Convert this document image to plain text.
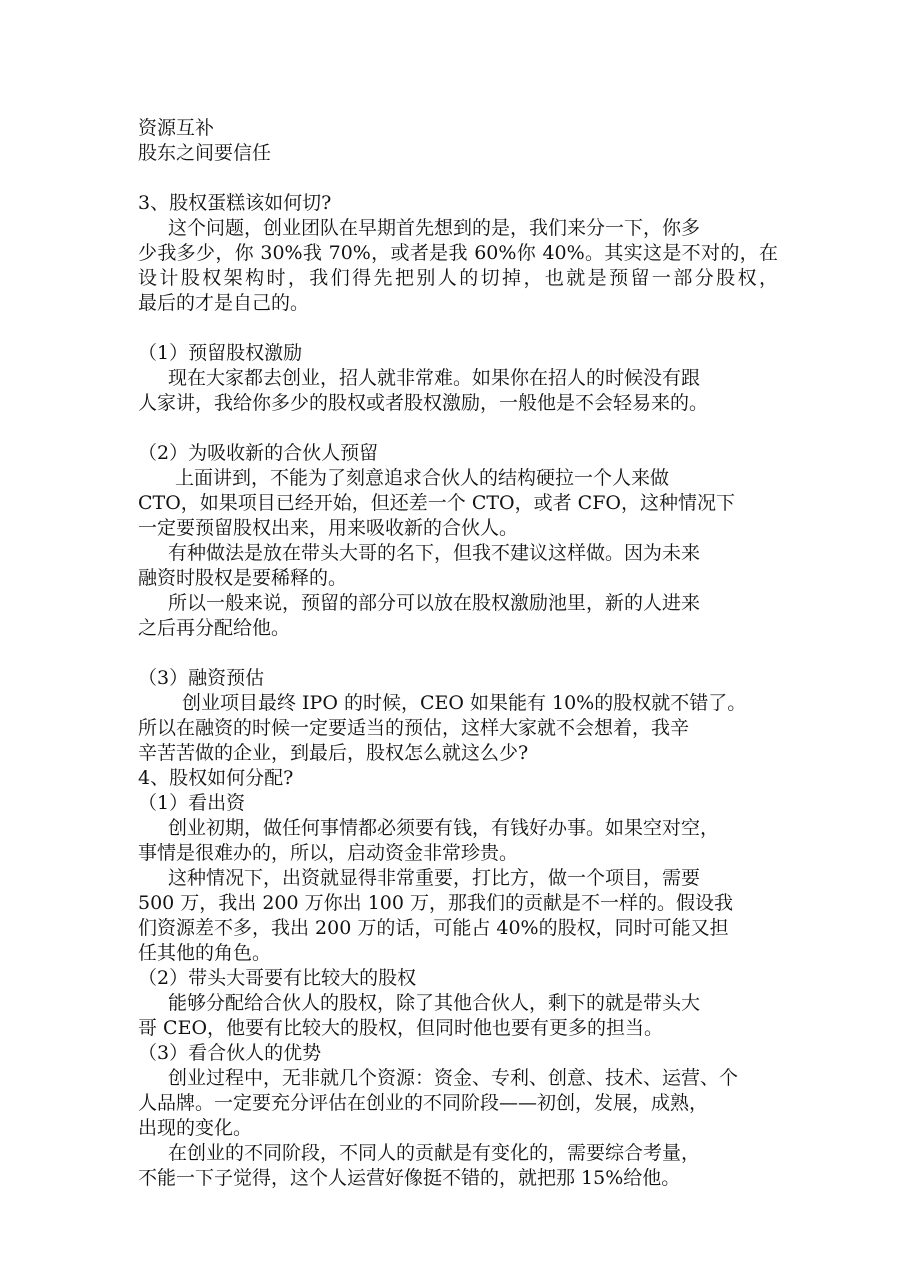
资源互补
股东之间要信任
3、股权蛋糕该如何切?
这个问题，创业团队在早期首先想到的是，我们来分一下，你多
少我多少，你 30%我 70%，或者是我 60%你 40%。其实这是不对的，在
设计股权架构时，我们得先把别人的切掉，也就是预留一部分股权，
最后的才是自己的。
（1）预留股权激励
现在大家都去创业，招人就非常难。如果你在招人的时候没有跟
人家讲，我给你多少的股权或者股权激励，一般他是不会轻易来的。
（2）为吸收新的合伙人预留
上面讲到，不能为了刻意追求合伙人的结构硬拉一个人来做
CTO，如果项目已经开始，但还差一个 CTO，或者 CFO，这种情况下
一定要预留股权出来，用来吸收新的合伙人。
有种做法是放在带头大哥的名下，但我不建议这样做。因为未来
融资时股权是要稀释的。
所以一般来说，预留的部分可以放在股权激励池里，新的人进来
之后再分配给他。
（3）融资预估
创业项目最终 IPO 的时候，CEO 如果能有 10%的股权就不错了。
所以在融资的时候一定要适当的预估，这样大家就不会想着，我辛
辛苦苦做的企业，到最后，股权怎么就这么少?
4、股权如何分配?
（1）看出资
创业初期，做任何事情都必须要有钱，有钱好办事。如果空对空，
事情是很难办的，所以，启动资金非常珍贵。
这种情况下，出资就显得非常重要，打比方，做一个项目，需要
500 万，我出 200 万你出 100 万，那我们的贡献是不一样的。假设我
们资源差不多，我出 200 万的话，可能占 40%的股权，同时可能又担
任其他的角色。
（2）带头大哥要有比较大的股权
能够分配给合伙人的股权，除了其他合伙人，剩下的就是带头大
哥 CEO，他要有比较大的股权，但同时他也要有更多的担当。
（3）看合伙人的优势
创业过程中，无非就几个资源：资金、专利、创意、技术、运营、个
人品牌。一定要充分评估在创业的不同阶段——初创，发展，成熟，
出现的变化。
在创业的不同阶段，不同人的贡献是有变化的，需要综合考量，
不能一下子觉得，这个人运营好像挺不错的，就把那 15%给他。
